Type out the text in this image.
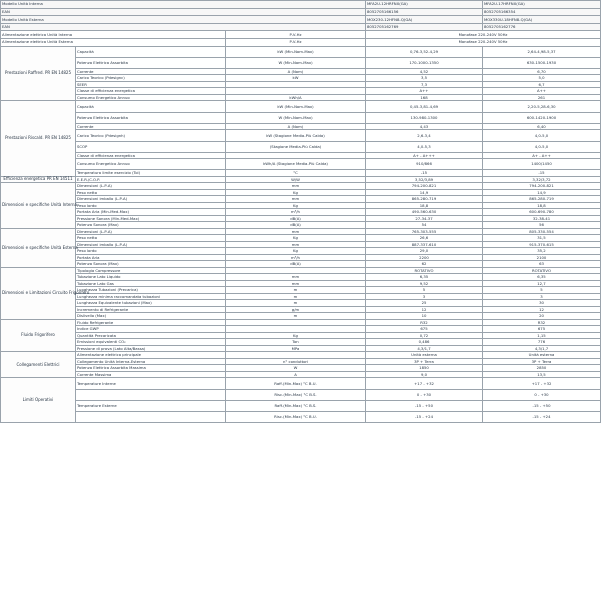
Modello Unità Interna			MFA2U-12HRFNX(GA)	MFA2U-17HRFNX(GA)
EAN			8052705166156	8052705166354
Modello Unità Esterna			MOX230-12HFN8-Q(GA)	MOX330U-18HFN8-Q(GA)
EAN			8052705162769	8052705162776
Alimentazione elettrica Unità Interna		P-V-Hz	Monofase 220-240V 50Hz	
Alimentazione elettrica Unità Esterna		P-V-Hz	Monofase 220-240V 50Hz	
Prestazioni Raffred. PR EN 14825	Capacità	kW (Min-Nom-Max)	0,76-3,52-4,29	2,64-4,98-5,37
	Potenza Elettrica Assorbita	W (Min-Nom-Max)	170-1000-1350	630-1500-1930
	Corrente	A (Nom)	4,52	6,70
	Carico Teorico (Pdesignc)	kW	3,5	5,0
	SEER		7,3	6,7
	Classe di efficienza energetica		A++	A++
	Consumo Energetico Annuo	kWh/A	168	261
Prestazioni Riscald. PR EN 14825	Capacità	kW (Min-Nom-Max)	0,45-3,81-4,69	2,20-5,28-6,30
	Potenza Elettrica Assorbita	W (Min-Nom-Max)	130-980-1300	600-1420-1900
	Corrente	A (Nom)	4,43	6,40
	Carico Teorico (Pdesignh)	kW (Stagione Media-Più Calda)	2,6-3,4	4,0-5,0
	SCOP	(Stagione Media-Più Calda)	4,0-5,3	4,0-5,0
	Classe di efficienza energetica		A+ - A+++	A+ - A++
	Consumo Energetico Annuo	kWh/A (Stagione Media-Più Calda)	910/866	1400/1450
	Temperatura limite esercizio (Tol)	°C	-15	-15
Efficienza energetica PR EN 14511	E.E.R./C.O.P.	W/W	3,52/3,89	3,32/3,72
Dimensioni e specifiche Unità Interna	Dimensioni (L-P-A)	mm	794-200-821	794-200-821
	Peso netto	Kg	14,9	14,9
	Dimensioni imballo (L-P-A)	mm	865-280-719	865-280-719
	Peso lordo	Kg	18,8	18,8
	Portata Aria (Min-Med-Max)	m³/h	490-560-630	600-690-780
	Pressione Sonora (Min-Med-Max)	dB(A)	27-34-37	32-38-41
	Potenza Sonora (Max)	dB(A)	54	56
Dimensioni e specifiche Unità Esterna	Dimensioni (L-P-A)	mm	765-303-555	805-330-554
	Peso netto	Kg	26,6	31,5
	Dimensioni imballo (L-P-A)	mm	887-337-610	915-370-615
	Peso lordo	Kg	29,0	35,2
	Portata Aria	m³/h	2200	2100
	Potenza Sonora (Max)	dB(A)	62	63
Dimensioni e Limitazioni Circuito Frigorifero	Tipologia Compressore		ROTATIVO	ROTATIVO
	Tubazione Lato Liquido	mm	6,35	6,35
	Tubazione Lato Gas	mm	9,52	12,7
	Lunghezza Tubazioni (Precarica)	m	5	5
	Lunghezza minima raccomandata tubazioni	m	3	3
	Lunghezza Equivalente tubazioni (Max)	m	25	30
	Incremento di Refrigerante	g/m	12	12
	Dislivello (Max)	m	10	20
Fluido Frigorifero	Fluido Refrigerante		R32	R32
	Indice GWP		675	675
	Quantità Precaricata	Kg	0,72	1,15
	Emissioni equivalenti CO₂	Ton	0,486	776
	Pressione di prova (Lato Alta/Bassa)	MPa	4,3/1,7	4,3/1,7
Collegamenti Elettrici	Alimentazione elettrica principale		Unità esterna	Unità esterna
	Collegamento Unità Interna-Esterna	n° conduttori	3P + Terra	3P + Terra
	Potenza Elettrica Assorbita Massima	W	1850	2850
	Corrente Massima	A	9,0	13,5
Limiti Operativi	Temperature Interne	Raff.(Min-Max) °C B.U.	+17 - +32	+17 - +32
		Risc.(Min-Max) °C B.S.	0 - +30	0 - +30
	Temperature Esterne	Raff.(Min-Max) °C B.S.	-15 - +50	-15 - +50
		Risc.(Min-Max) °C B.U.	-15 - +24	-15 - +24
